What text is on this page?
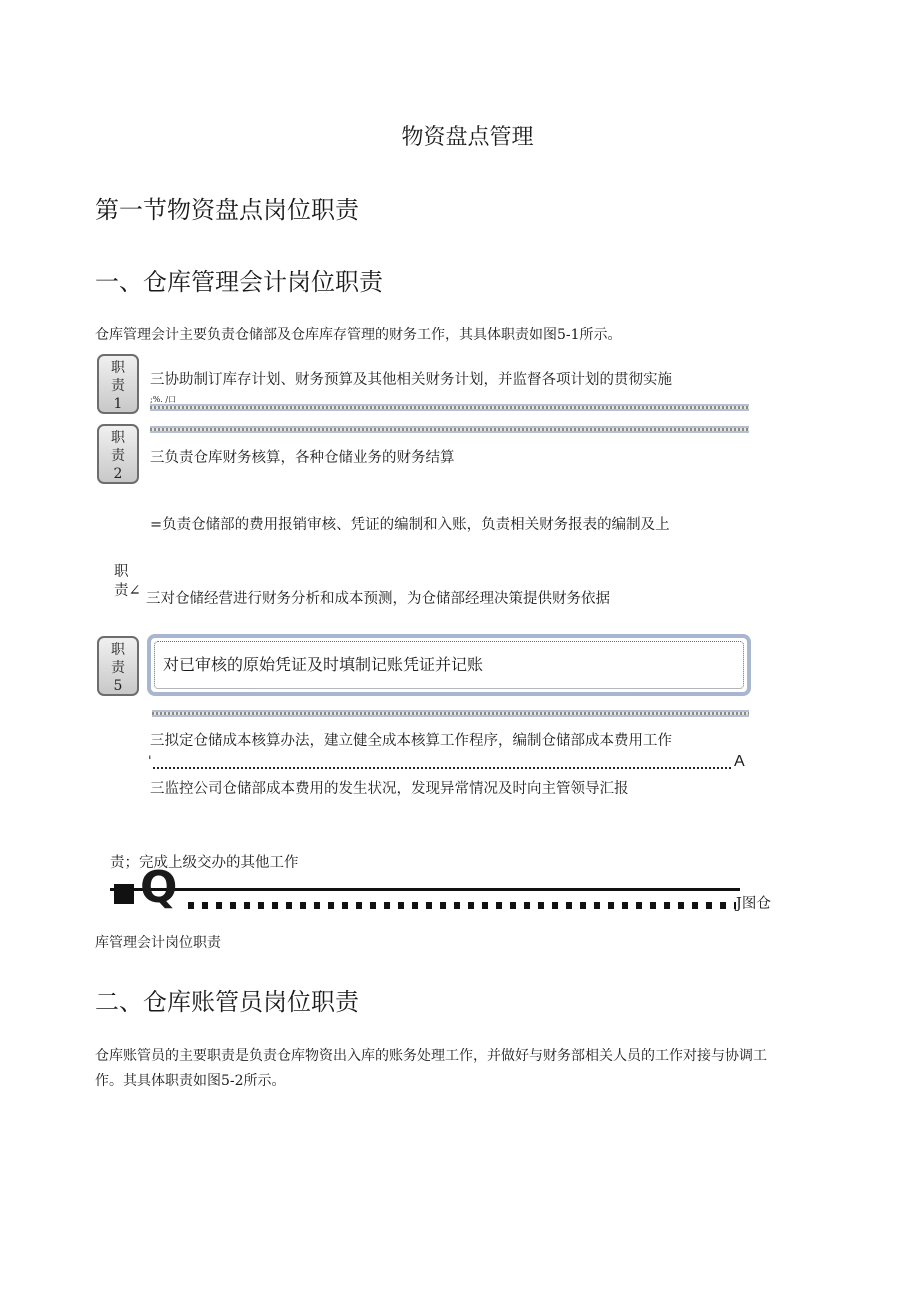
物资盘点管理
第一节物资盘点岗位职责
一、仓库管理会计岗位职责
仓库管理会计主要负责仓储部及仓库库存管理的财务工作，其具体职责如图5-1所示。
职
责
1
三协助制订库存计划、财务预算及其他相关财务计划，并监督各项计划的贯彻实施
;%. /口
职
责
2
三负责仓库财务核算，各种仓储业务的财务结算
=负责仓储部的费用报销审核、凭证的编制和入账，负责相关财务报表的编制及上
职
责∠ 三对仓储经营进行财务分析和成本预测，为仓储部经理决策提供财务依据
职
责
5
对已审核的原始凭证及时填制记账凭证并记账
三拟定仓储成本核算办法，建立健全成本核算工作程序，编制仓储部成本费用工作
'	A
三监控公司仓储部成本费用的发生状况，发现异常情况及时向主管领导汇报
责；完成上级交办的其他工作
Q	J图仓
库管理会计岗位职责
二、仓库账管员岗位职责
仓库账管员的主要职责是负责仓库物资出入库的账务处理工作，并做好与财务部相关人员的工作对接与协调工
作。其具体职责如图5-2所示。
